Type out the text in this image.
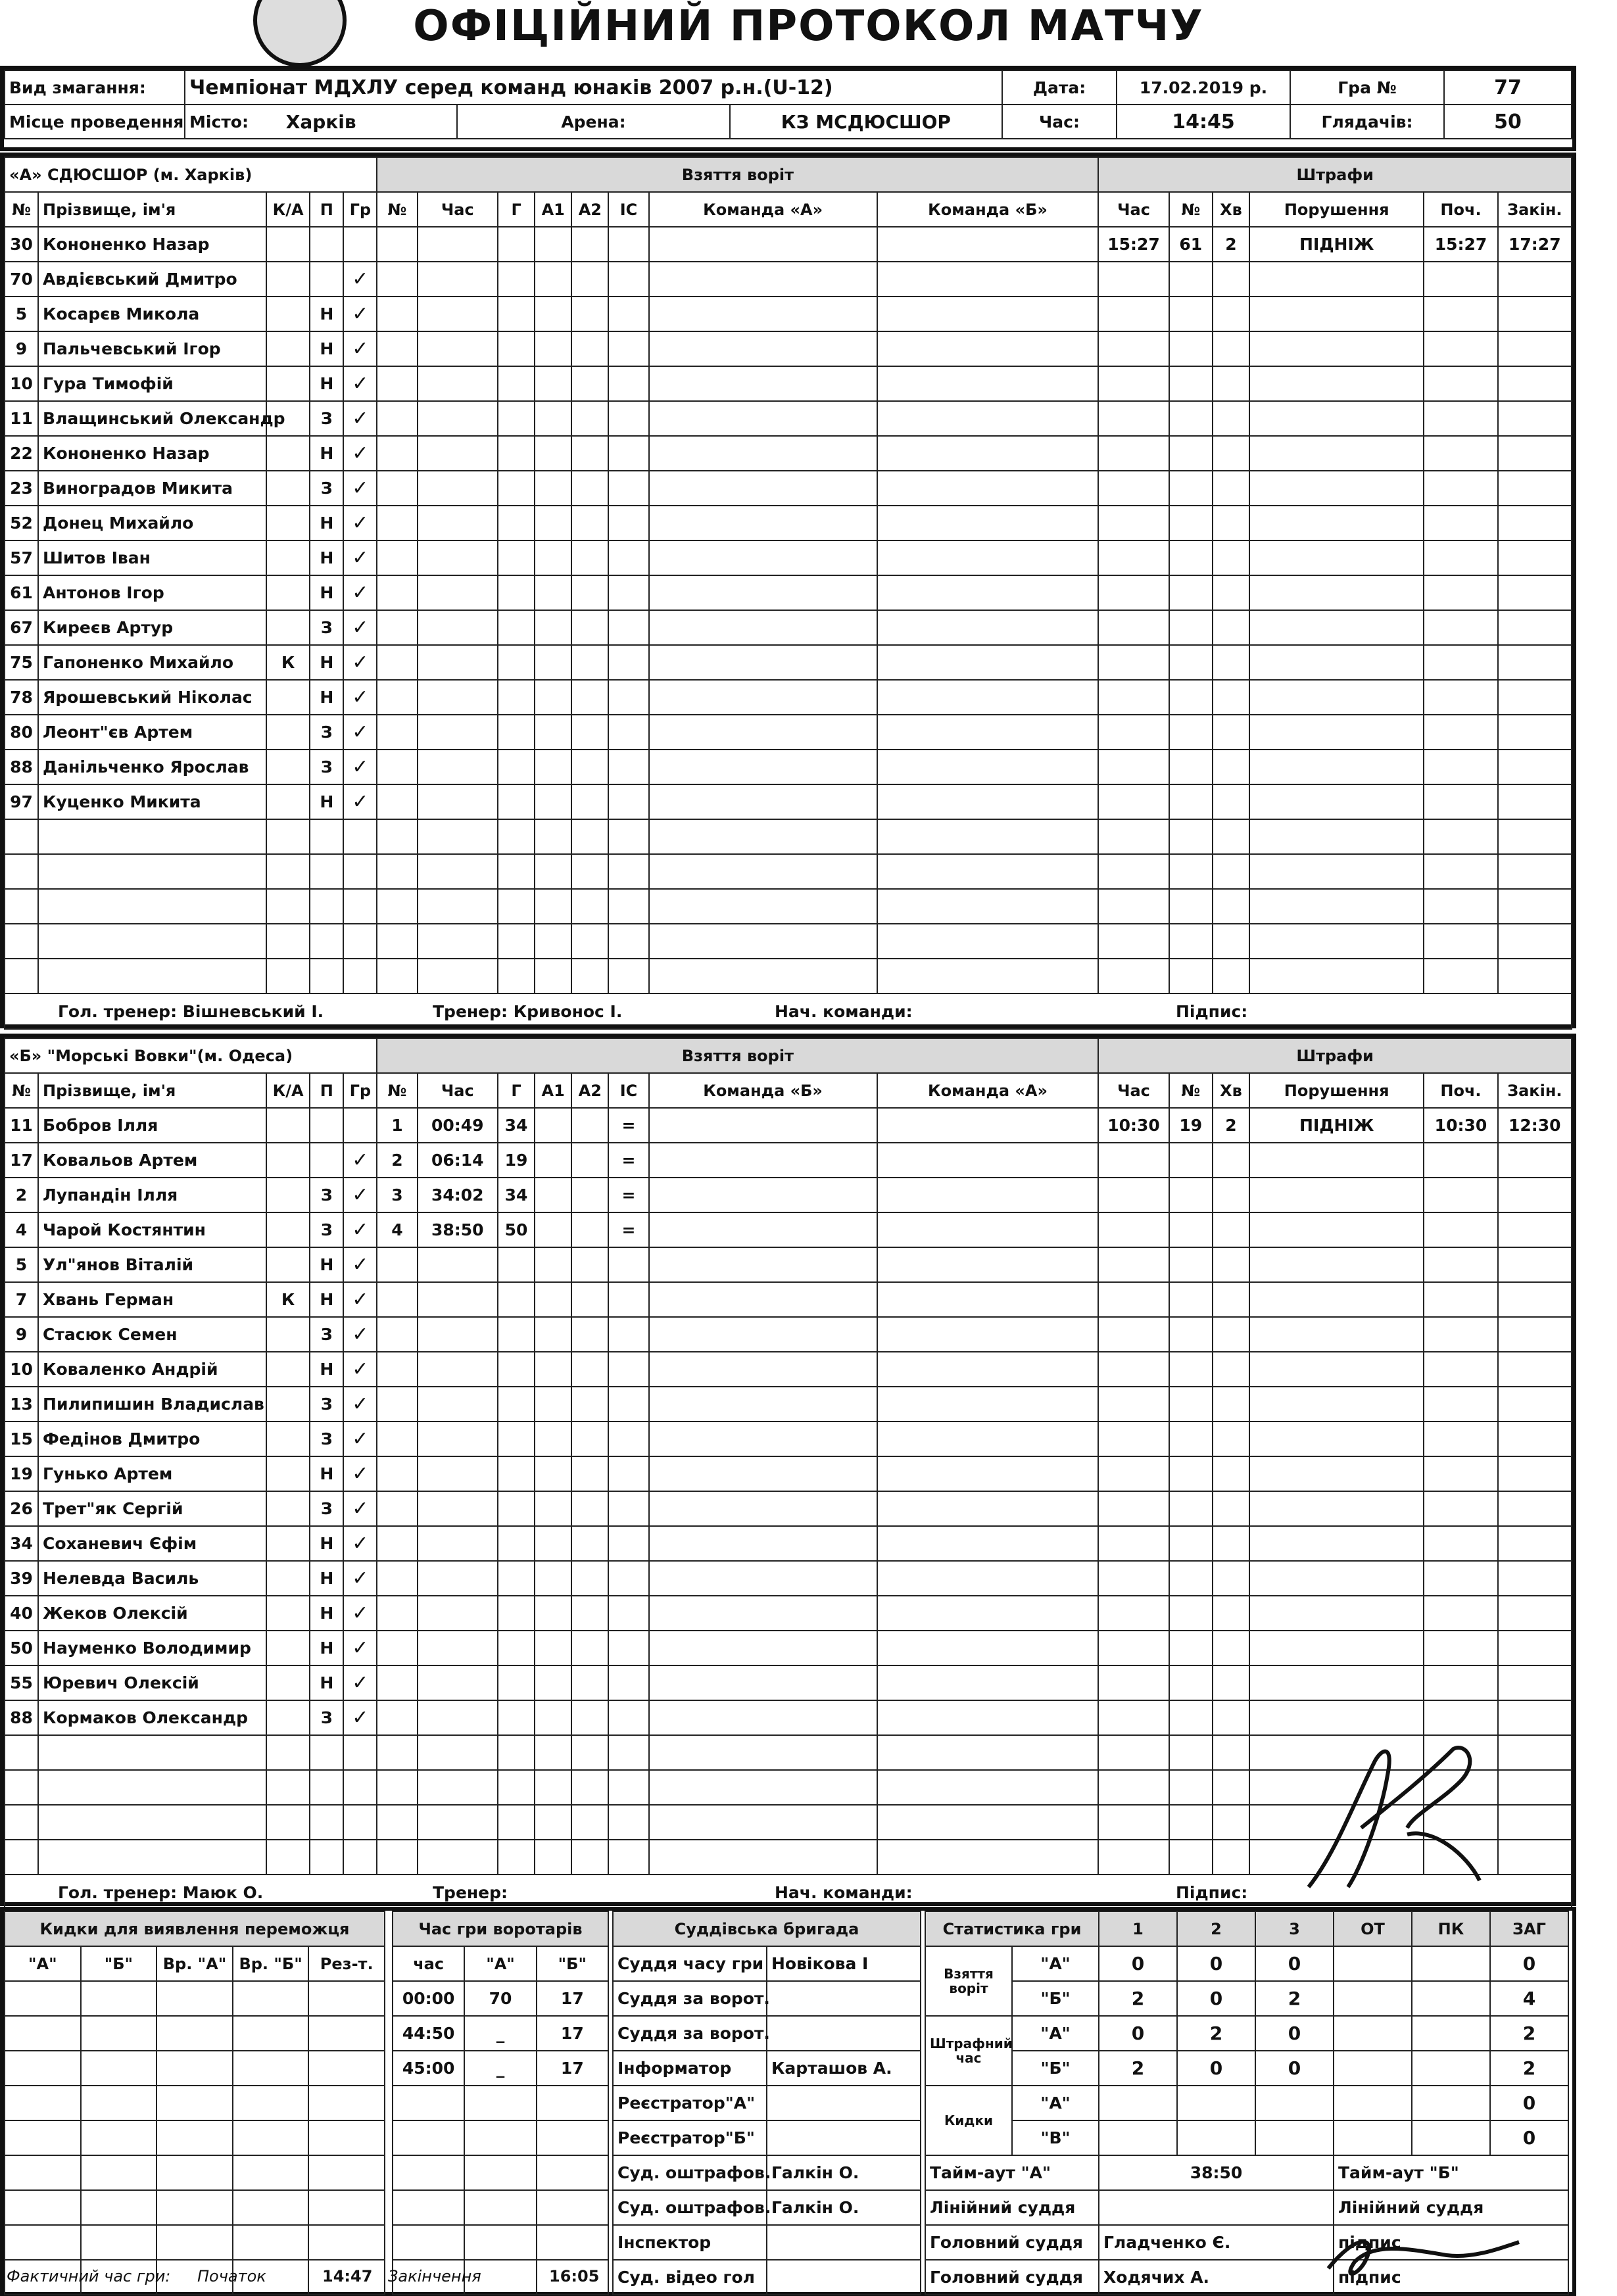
ОФІЦІЙНИЙ ПРОТОКОЛ МАТЧУ
Вид змагання:	Чемпіонат МДХЛУ серед команд юнаків 2007 р.н.(U-12)			Дата:	17.02.2019 р.	Гра №	77
Місце проведення Місто:	Харків	Арена:	КЗ МСДЮСШОР	Час:	14:45	Глядачів:	50
«А» СДЮСШОР (м. Харків)					Взяття воріт								Штрафи					
№	Прізвище, ім'я	К/А	П	Гр	№	Час	Г	А1	А2	ІС	Команда «А»	Команда «Б»	Час	№	Хв	Порушення	Поч.	Закін.
30	Кононенко Назар												15:27	61	2	ПІДНІЖ	15:27	17:27
70	Авдієвський Дмитро			✓														
5	Косарєв Микола		Н	✓														
9	Пальчевський Ігор		Н	✓														
10	Гура Тимофій		Н	✓														
11	Влащинський Олександр		З	✓														
22	Кононенко Назар		Н	✓														
23	Виноградов Микита		З	✓														
52	Донец Михайло		Н	✓														
57	Шитов Іван		Н	✓														
61	Антонов Ігор		Н	✓														
67	Киреєв Артур		З	✓														
75	Гапоненко Михайло	К	Н	✓														
78	Ярошевський Ніколас		Н	✓														
80	Леонт"єв Артем		З	✓														
88	Данільченко Ярослав		З	✓														
97	Куценко Микита		Н	✓														

Гол. тренер: Вішневський І. Тренер: Кривонос І. Нач. команди: Підпис:																		
«Б» "Морські Вовки"(м. Одеса)					Взяття воріт								Штрафи					
№	Прізвище, ім'я	К/А	П	Гр	№	Час	Г	А1	А2	ІС	Команда «Б»	Команда «А»	Час	№	Хв	Порушення	Поч.	Закін.
11	Бобров Ілля				1	00:49	34			=			10:30	19	2	ПІДНІЖ	10:30	12:30
17	Ковальов Артем			✓	2	06:14	19			=								
2	Лупандін Ілля		З	✓	3	34:02	34			=								
4	Чарой Костянтин		З	✓	4	38:50	50			=								
5	Ул"янов Віталій		Н	✓														
7	Хвань Герман	К	Н	✓														
9	Стасюк Семен		З	✓														
10	Коваленко Андрій		Н	✓														
13	Пилипишин Владислав		З	✓														
15	Федінов Дмитро		З	✓														
19	Гунько Артем		Н	✓														
26	Трет"як Сергій		З	✓														
34	Соханевич Єфім		Н	✓														
39	Нелевда Василь		Н	✓														
40	Жеков Олексій		Н	✓														
50	Науменко Володимир		Н	✓														
55	Юревич Олексій		Н	✓														
88	Кормаков Олександр		З	✓														

Гол. тренер: Маюк О. Тренер: Нач. команди: Підпис:																		
Кидки для виявлення переможця				
"А"	"Б"	Вр. "А"	Вр. "Б"	Рез-т.

Час гри воротарів		
час	"А"	"Б"
00:00	70	17
44:50	_	17
45:00	_	17

Суддівська бригада	
Суддя часу гри	Новікова І
Суддя за ворот.	
Суддя за ворот.	
Інформатор	Карташов А.
Реєстратор"А"	
Реєстратор"Б"	
Суд. оштрафов.	Галкін О.
Суд. оштрафов.	Галкін О.
Інспектор	
Суд. відео гол	
Статистика гри		1	2	3	ОТ	ПК	ЗАГ
Взяття воріт	"А"	0	0	0			0
	"Б"	2	0	2			4
Штрафний час	"А"	0	2	0			2
	"Б"	2	0	0			2
Кидки	"А"						0
	"В"						0
Тайм-аут "А"		38:50			Тайм-аут "Б"		
Лінійний суддя					Лінійний суддя		
Головний суддя		Гладченко Є.			підпис		
Головний суддя		Ходячих А.			підпис		
Фактичний час гри: Початок	14:47 Закінчення	16:05
